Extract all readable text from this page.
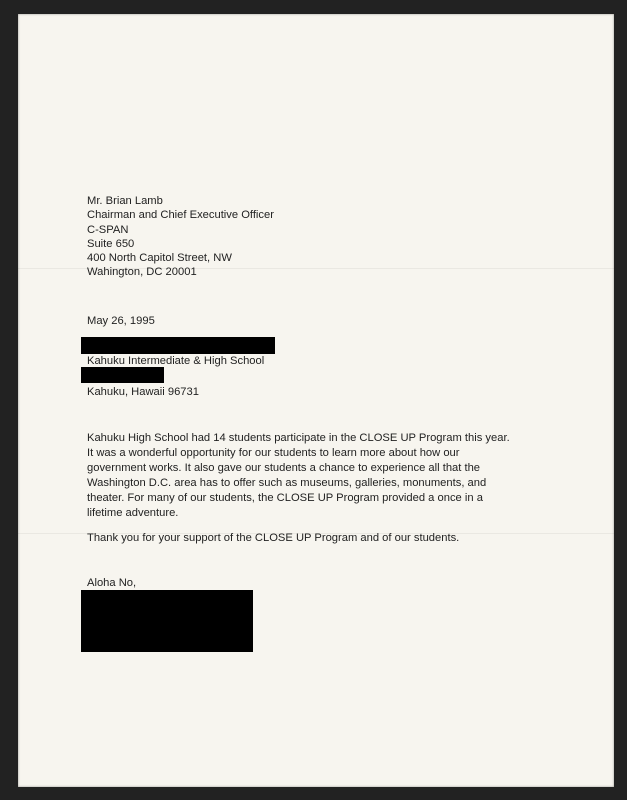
Mr. Brian Lamb
Chairman and Chief Executive Officer
C-SPAN
Suite 650
400 North Capitol Street, NW
Wahington, DC 20001
May 26, 1995
Kahuku Intermediate & High School
Kahuku, Hawaii 96731
Kahuku High School had 14 students participate in the CLOSE UP Program this year.
It was a wonderful opportunity for our students to learn more about how our
government works. It also gave our students a chance to experience all that the
Washington D.C. area has to offer such as museums, galleries, monuments, and
theater. For many of our students, the CLOSE UP Program provided a once in a
lifetime adventure.
Thank you for your support of the CLOSE UP Program and of our students.
Aloha No,
